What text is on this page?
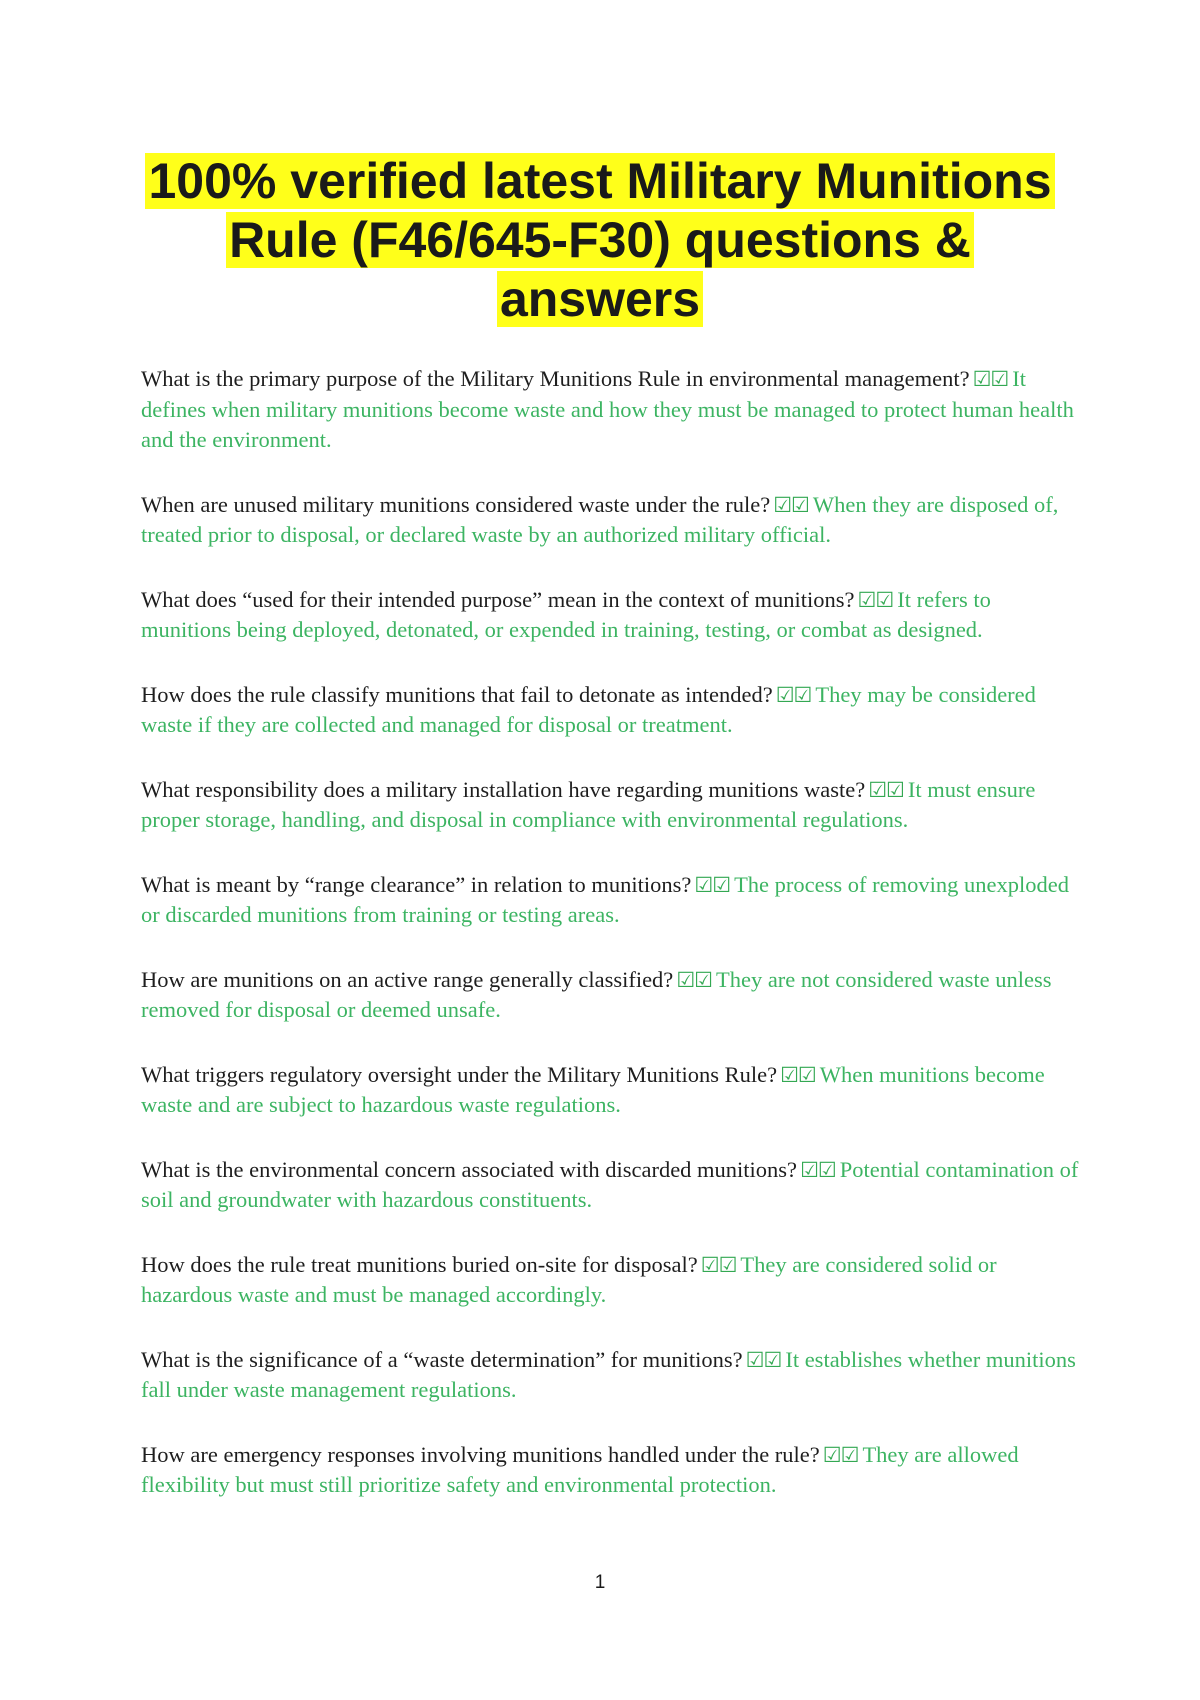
100% verified latest Military Munitions
Rule (F46/645-F30) questions &
answers

What is the primary purpose of the Military Munitions Rule in environmental management? ☑☑ It defines when military munitions become waste and how they must be managed to protect human health and the environment.

When are unused military munitions considered waste under the rule? ☑☑ When they are disposed of, treated prior to disposal, or declared waste by an authorized military official.

What does “used for their intended purpose” mean in the context of munitions? ☑☑ It refers to munitions being deployed, detonated, or expended in training, testing, or combat as designed.

How does the rule classify munitions that fail to detonate as intended? ☑☑ They may be considered waste if they are collected and managed for disposal or treatment.

What responsibility does a military installation have regarding munitions waste? ☑☑ It must ensure proper storage, handling, and disposal in compliance with environmental regulations.

What is meant by “range clearance” in relation to munitions? ☑☑ The process of removing unexploded or discarded munitions from training or testing areas.

How are munitions on an active range generally classified? ☑☑ They are not considered waste unless removed for disposal or deemed unsafe.

What triggers regulatory oversight under the Military Munitions Rule? ☑☑ When munitions become waste and are subject to hazardous waste regulations.

What is the environmental concern associated with discarded munitions? ☑☑ Potential contamination of soil and groundwater with hazardous constituents.

How does the rule treat munitions buried on-site for disposal? ☑☑ They are considered solid or hazardous waste and must be managed accordingly.

What is the significance of a “waste determination” for munitions? ☑☑ It establishes whether munitions fall under waste management regulations.

How are emergency responses involving munitions handled under the rule? ☑☑ They are allowed flexibility but must still prioritize safety and environmental protection.

1
